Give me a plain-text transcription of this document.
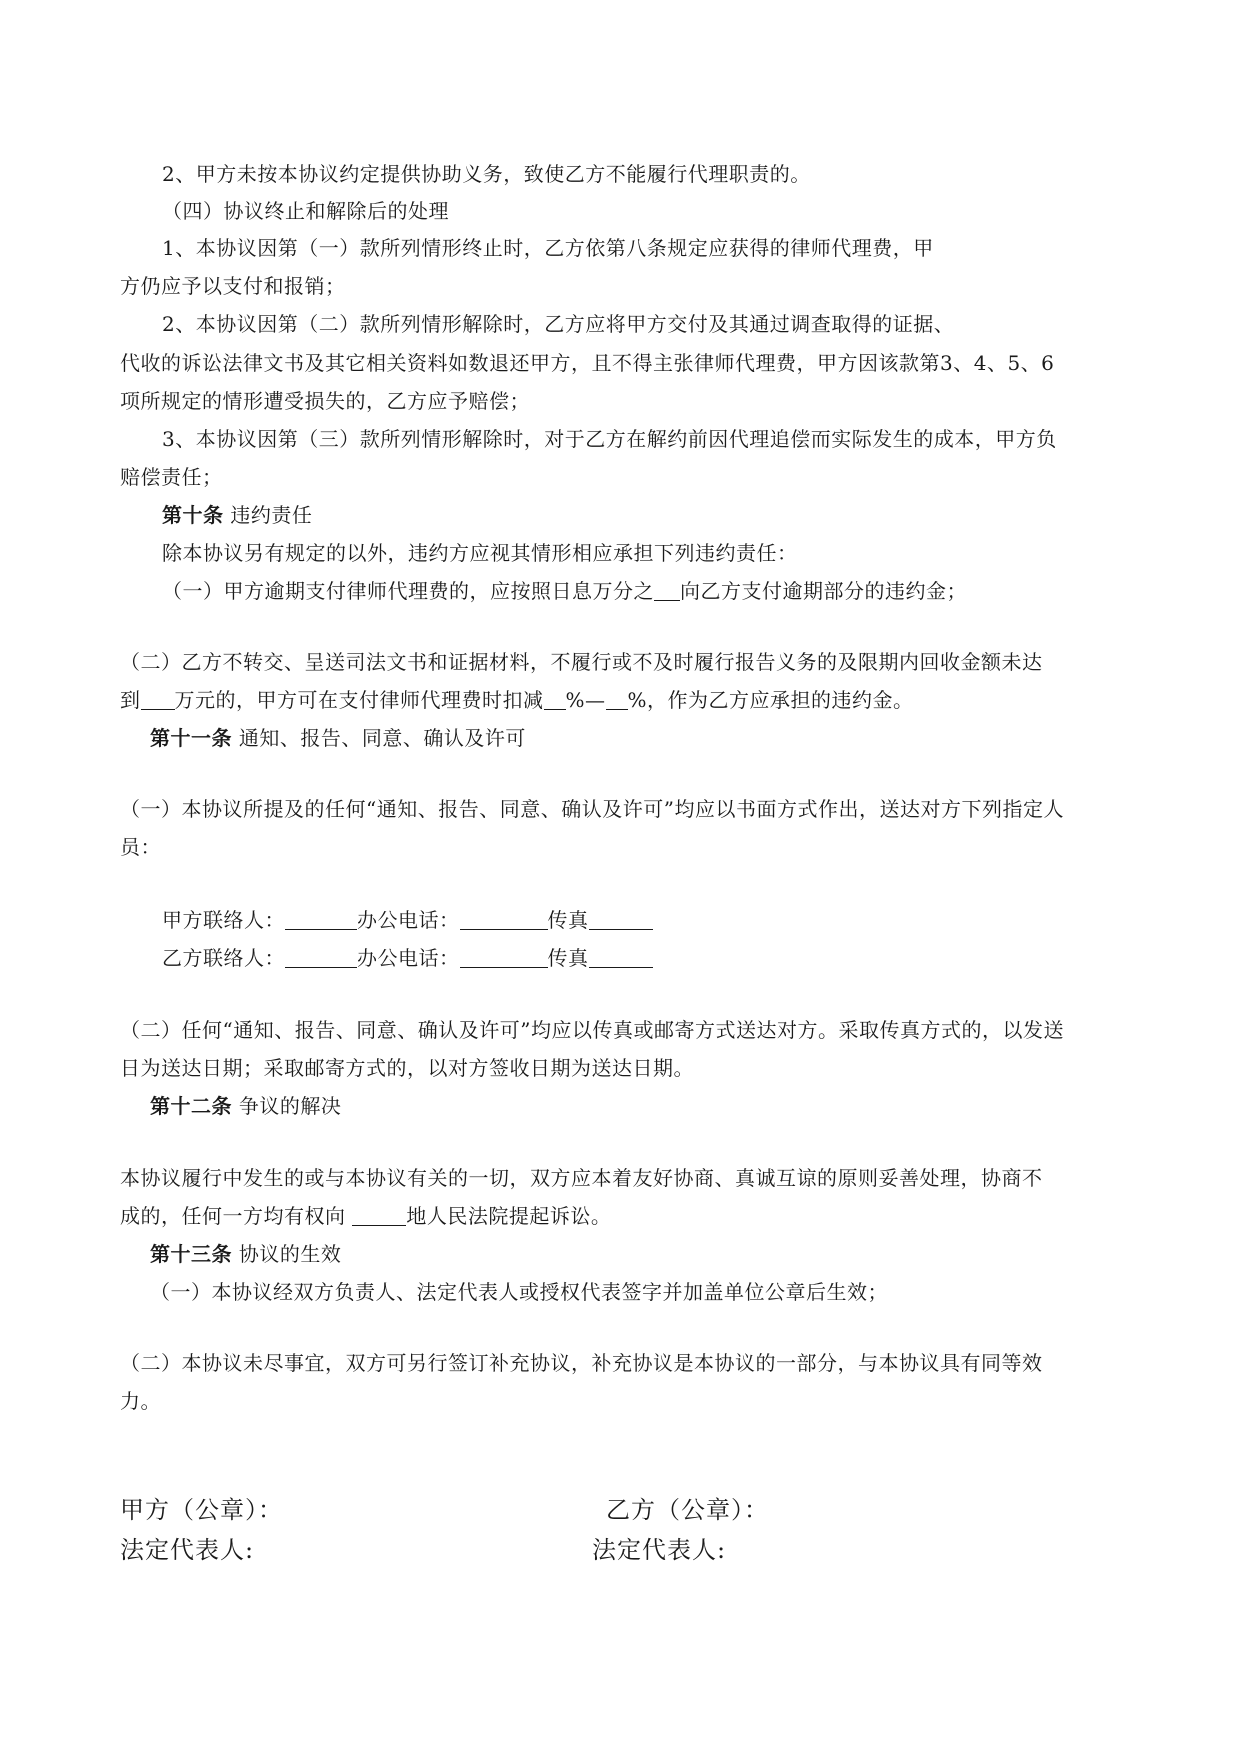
2、甲方未按本协议约定提供协助义务，致使乙方不能履行代理职责的。
（四）协议终止和解除后的处理
1、本协议因第（一）款所列情形终止时，乙方依第八条规定应获得的律师代理费，甲
方仍应予以支付和报销；
2、本协议因第（二）款所列情形解除时，乙方应将甲方交付及其通过调查取得的证据、
代收的诉讼法律文书及其它相关资料如数退还甲方，且不得主张律师代理费，甲方因该款第3、4、5、6
项所规定的情形遭受损失的，乙方应予赔偿；
3、本协议因第（三）款所列情形解除时，对于乙方在解约前因代理追偿而实际发生的成本，甲方负
赔偿责任；
第十条 违约责任
除本协议另有规定的以外，违约方应视其情形相应承担下列违约责任：
（一）甲方逾期支付律师代理费的，应按照日息万分之 向乙方支付逾期部分的违约金；
（二）乙方不转交、呈送司法文书和证据材料，不履行或不及时履行报告义务的及限期内回收金额未达
到 万元的，甲方可在支付律师代理费时扣减 %— %，作为乙方应承担的违约金。
第十一条 通知、报告、同意、确认及许可
（一）本协议所提及的任何“通知、报告、同意、确认及许可”均应以书面方式作出，送达对方下列指定人
员：
甲方联络人：	办公电话：	传真
乙方联络人：	办公电话：	传真
（二）任何“通知、报告、同意、确认及许可”均应以传真或邮寄方式送达对方。采取传真方式的，以发送
日为送达日期；采取邮寄方式的，以对方签收日期为送达日期。
第十二条 争议的解决
本协议履行中发生的或与本协议有关的一切，双方应本着友好协商、真诚互谅的原则妥善处理，协商不
成的，任何一方均有权向	地人民法院提起诉讼。
第十三条 协议的生效
（一）本协议经双方负责人、法定代表人或授权代表签字并加盖单位公章后生效；
（二）本协议未尽事宜，双方可另行签订补充协议，补充协议是本协议的一部分，与本协议具有同等效
力。
甲方（公章）：	乙方（公章）：
法定代表人:	法定代表人:
